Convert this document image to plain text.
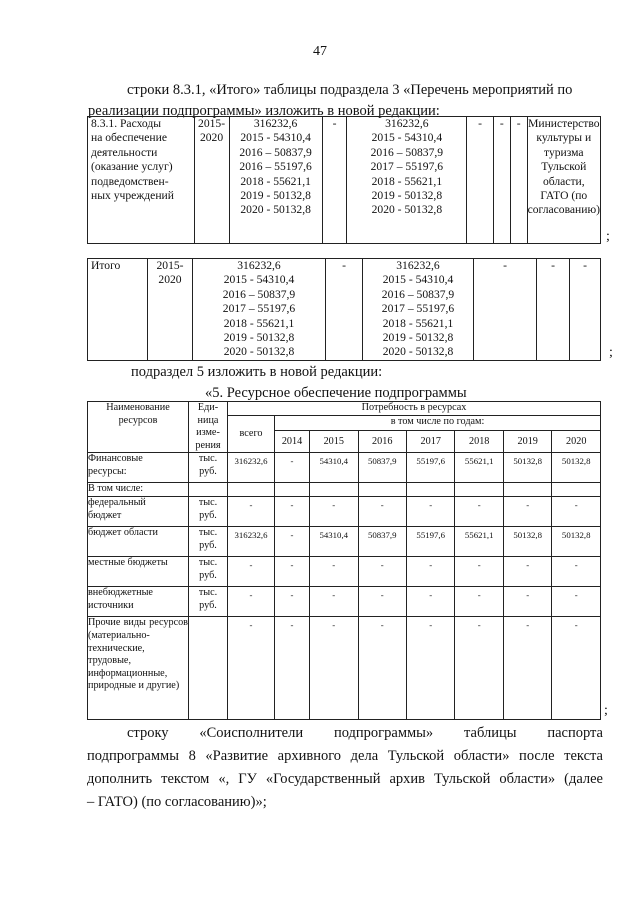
47
строки 8.3.1, «Итого» таблицы подраздела 3 «Перечень мероприятий по
реализации подпрограммы» изложить в новой редакции:
8.3.1. Расходы
на обеспечение
деятельности
(оказание услуг)
подведомствен-
ных учреждений	2015-
2020	316232,6
2015 - 54310,4
2016 – 50837,9
2016 – 55197,6
2018 - 55621,1
2019 - 50132,8
2020 - 50132,8	-	316232,6
2015 - 54310,4
2016 – 50837,9
2017 – 55197,6
2018 - 55621,1
2019 - 50132,8
2020 - 50132,8	-	-	-	Министерство
культуры и
туризма
Тульской
области,
ГАТО (по
согласованию)
;
Итого	2015-
2020	316232,6
2015 - 54310,4
2016 – 50837,9
2017 – 55197,6
2018 - 55621,1
2019 - 50132,8
2020 - 50132,8	-	316232,6
2015 - 54310,4
2016 – 50837,9
2017 – 55197,6
2018 - 55621,1
2019 - 50132,8
2020 - 50132,8	-	-	-
;
подраздел 5 изложить в новой редакции:
«5. Ресурсное обеспечение подпрограммы
Наименование
ресурсов	Еди-
ница
изме-
рения	Потребность в ресурсах							
		всего	в том числе по годам:						
			2014	2015	2016	2017	2018	2019	2020
Финансовые
ресурсы:	тыс.
руб.	316232,6	-	54310,4	50837,9	55197,6	55621,1	50132,8	50132,8
В том числе:									
федеральный
бюджет	тыс.
руб.	-	-	-	-	-	-	-	-
бюджет области	тыс.
руб.	316232,6	-	54310,4	50837,9	55197,6	55621,1	50132,8	50132,8
местные бюджеты	тыс.
руб.	-	-	-	-	-	-	-	-
внебюджетные
источники	тыс.
руб.	-	-	-	-	-	-	-	-
Прочие виды ресурсов (материально-технические, трудовые, информационные, природные и другие)		-	-	-	-	-	-	-	-
;
строку «Соисполнители подпрограммы» таблицы паспорта
подпрограммы 8 «Развитие архивного дела Тульской области» после текста
дополнить текстом «, ГУ «Государственный архив Тульской области» (далее
– ГАТО) (по согласованию)»;
